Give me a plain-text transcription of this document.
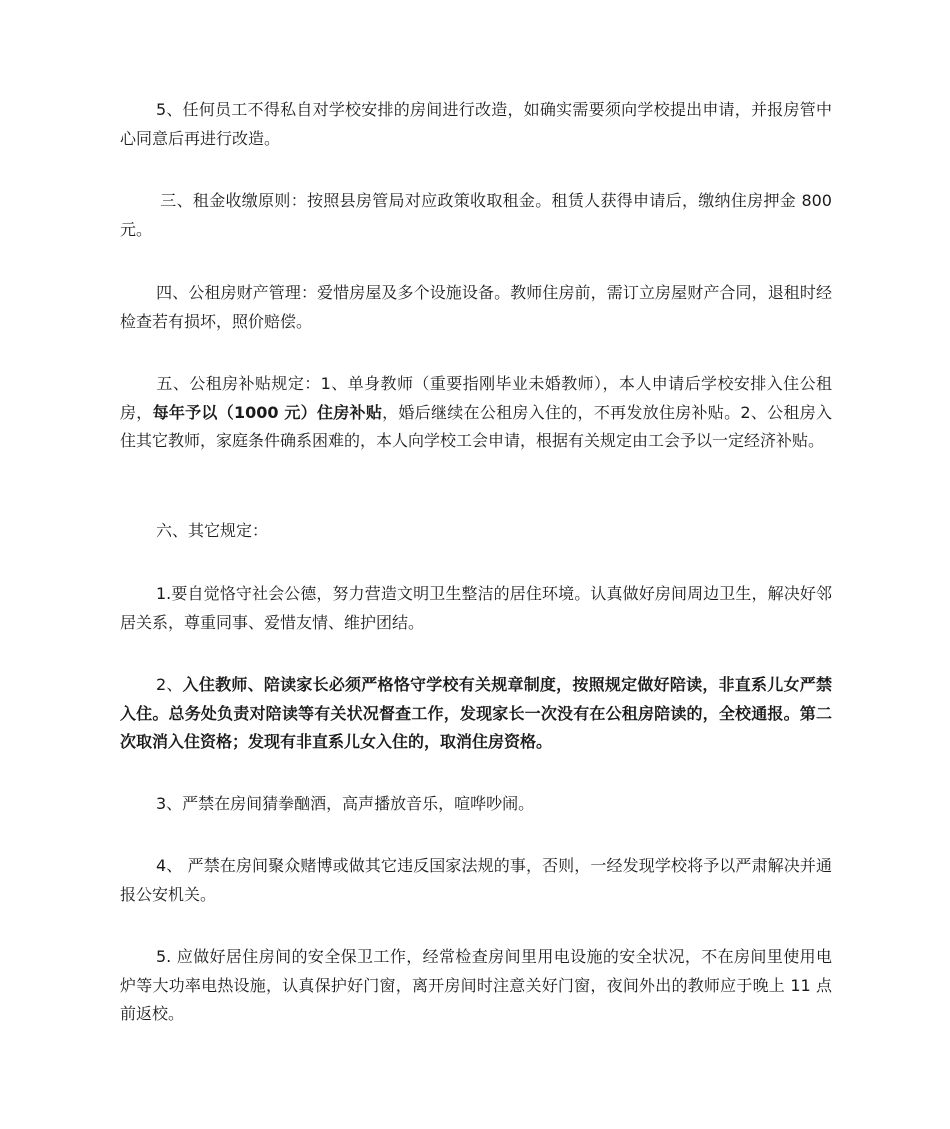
5、任何员工不得私自对学校安排的房间进行改造，如确实需要须向学校提出申请，并报房管中心同意后再进行改造。

三、租金收缴原则：按照县房管局对应政策收取租金。租赁人获得申请后，缴纳住房押金 800 元。

四、公租房财产管理：爱惜房屋及多个设施设备。教师住房前，需订立房屋财产合同，退租时经检查若有损坏，照价赔偿。

五、公租房补贴规定：1、单身教师（重要指刚毕业未婚教师），本人申请后学校安排入住公租房，每年予以（1000 元）住房补贴，婚后继续在公租房入住的，不再发放住房补贴。2、公租房入住其它教师，家庭条件确系困难的，本人向学校工会申请，根据有关规定由工会予以一定经济补贴。

六、其它规定：

1.要自觉恪守社会公德，努力营造文明卫生整洁的居住环境。认真做好房间周边卫生，解决好邻居关系，尊重同事、爱惜友情、维护团结。

2、入住教师、陪读家长必须严格恪守学校有关规章制度，按照规定做好陪读，非直系儿女严禁入住。总务处负责对陪读等有关状况督查工作，发现家长一次没有在公租房陪读的，全校通报。第二次取消入住资格；发现有非直系儿女入住的，取消住房资格。

3、严禁在房间猜拳酗酒，高声播放音乐，喧哗吵闹。

4、 严禁在房间聚众赌博或做其它违反国家法规的事，否则，一经发现学校将予以严肃解决并通报公安机关。

5. 应做好居住房间的安全保卫工作，经常检查房间里用电设施的安全状况，不在房间里使用电炉等大功率电热设施，认真保护好门窗，离开房间时注意关好门窗，夜间外出的教师应于晚上 11 点前返校。
